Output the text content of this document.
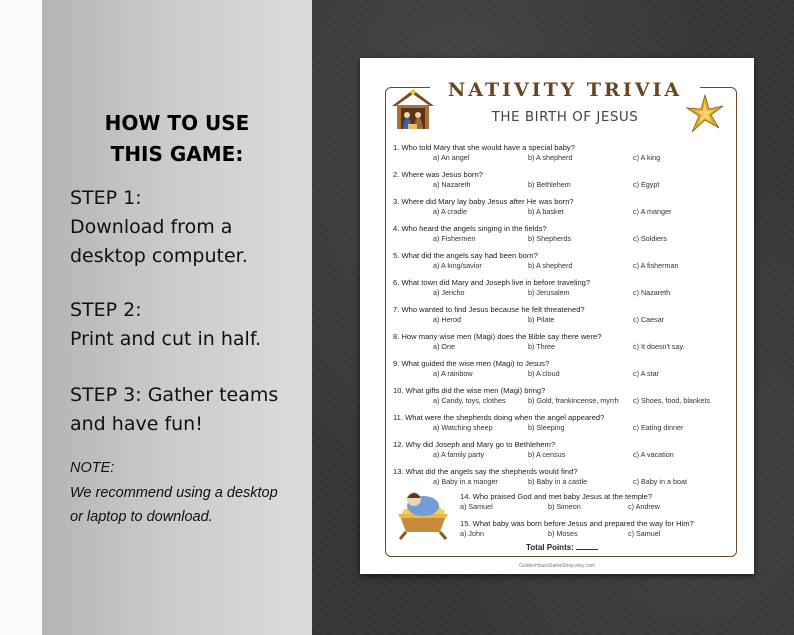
HOW TO USE
THIS GAME:
STEP 1:
Download from a
desktop computer.
STEP 2:
Print and cut in half.
STEP 3: Gather teams
and have fun!
NOTE:
We recommend using a desktop
or laptop to download.
NATIVITY TRIVIA
THE BIRTH OF JESUS
1. Who told Mary that she would have a special baby?
a) An angel	b) A shepherd	c) A king
2. Where was Jesus born?
a) Nazareth	b) Bethlehem	c) Egypt
3. Where did Mary lay baby Jesus after He was born?
a) A cradle	b) A basket	c) A manger
4. Who heard the angels singing in the fields?
a) Fishermen	b) Shepherds	c) Soldiers
5. What did the angels say had been born?
a) A king/savior	b) A shepherd	c) A fisherman
6. What town did Mary and Joseph live in before traveling?
a) Jericho	b) Jerusalem	c) Nazareth
7. Who wanted to find Jesus because he felt threatened?
a) Herod	b) Pilate	c) Caesar
8. How many wise men (Magi) does the Bible say there were?
a) One	b) Three	c) It doesn't say.
9. What guided the wise men (Magi) to Jesus?
a) A rainbow	b) A cloud	c) A star
10. What gifts did the wise men (Magi) bring?
a) Candy, toys, clothes	b) Gold, frankincense, myrrh c) Shoes, food, blankets
11. What were the shepherds doing when the angel appeared?
a) Watching sheep	b) Sleeping	c) Eating dinner
12. Why did Joseph and Mary go to Bethlehem?
a) A family party	b) A census	c) A vacation
13. What did the angels say the shepherds would find?
a) Baby in a manger	b) Baby in a castle	c) Baby in a boat
14. Who praised God and met baby Jesus at the temple?
a) Samuel	b) Simeon	c) Andrew
15. What baby was born before Jesus and prepared the way for Him?
a) John	b) Moses	c) Samuel
Total Points:
GoldenHoursGameShop.etsy.com
